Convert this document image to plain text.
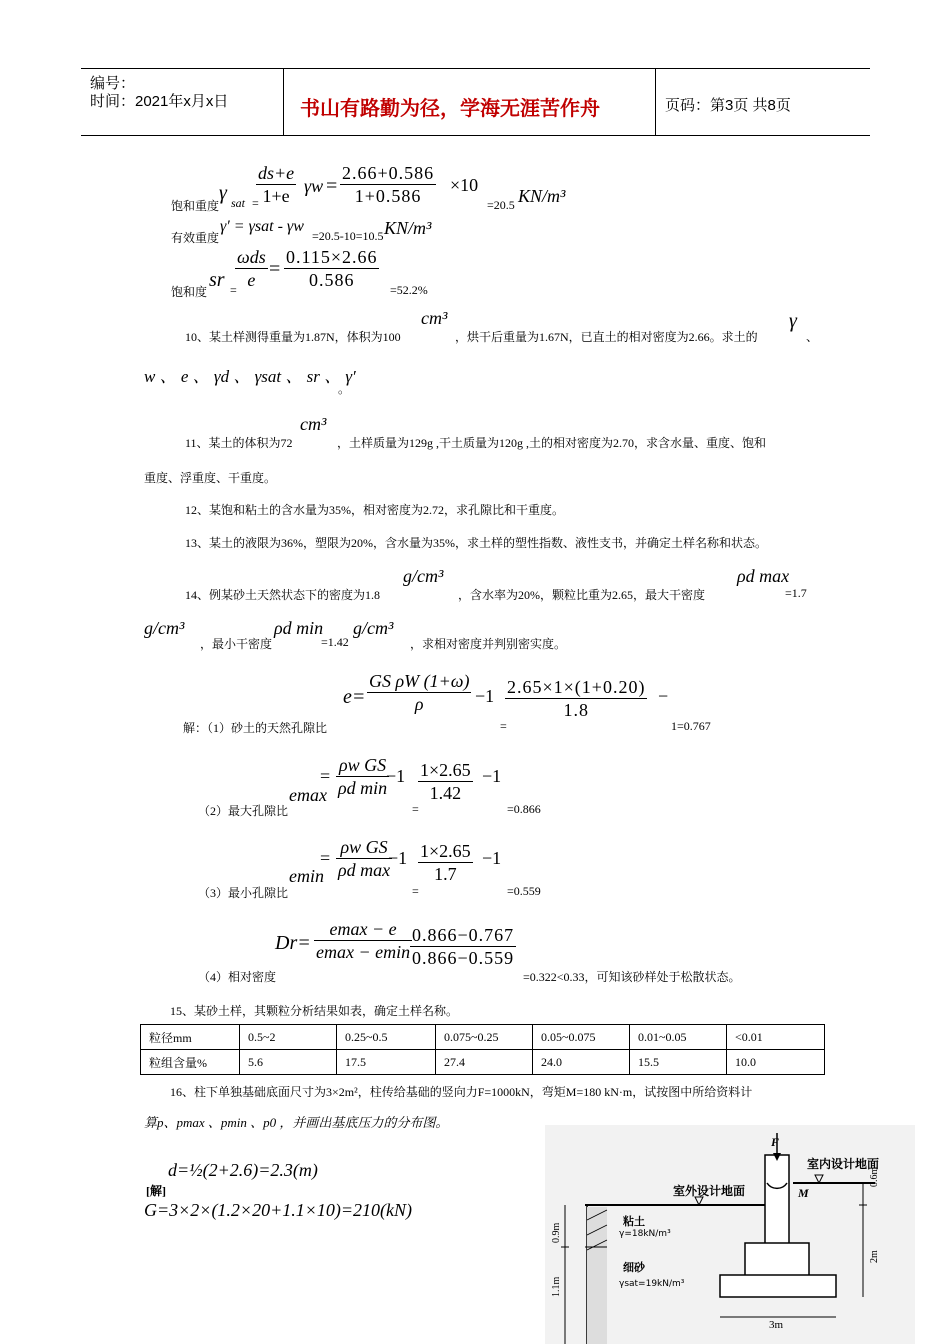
编号：
时间：2021年x月x日	书山有路勤为径，学海无涯苦作舟	页码：第3页 共8页
饱和重度
γ sat =
$\frac{ds+e}{1+e}$ $\gamma w = \frac{2.66+0.586}{1+0.586} \times 10$
=20.5 KN/m³
有效重度
γ′ = γsat - γw
=20.5-10=10.5 KN/m³
饱和度
sr =
ωds
$e = \frac{0.115\times 2.66}{0.586} =52.2\%$
10、某土样测得重量为1.87N，体积为100
cm³
，烘干后重量为1.67N，已直土的相对密度为2.66。求土的
γ
、
w 、 e 、 γd 、 γsat 、 sr 、 γ′
。
11、某土的体积为72
cm³
，土样质量为129g ,干土质量为120g ,土的相对密度为2.70，求含水量、重度、饱和
重度、浮重度、干重度。
12、某饱和粘土的含水量为35%，相对密度为2.72，求孔隙比和干重度。
13、某土的液限为36%，塑限为20%，含水量为35%，求土样的塑性指数、液性支书，并确定土样名称和状态。
14、例某砂土天然状态下的密度为1.8
g/cm³
，含水率为20%，颗粒比重为2.65，最大干密度
ρd max
=1.7
g/cm³
，最小干密度
ρd min
=1.42
g/cm³
，求相对密度并判别密实度。
解：（1）砂土的天然孔隙比
$e= \frac{\text{GS ρW (1+ω)}}{\rho} -1$
=
$\frac{2.65\times 1\times(1+0.20)}{1.8}$ −
1=0.767
（2）最大孔隙比
emax
=
ρw GS
ρd min
$-1 \frac{1\times 2.65}{1.42} -1$
=	=0.866
（3）最小孔隙比
emin
=
ρw GS
ρd max
$-1 \frac{1\times 2.65}{1.7} -1$
=	=0.559
（4）相对密度
Dr=
emax − e
emax − emin $\frac{0.866-0.767}{0.866-0.559}$
=0.322<0.33，可知该砂样处于松散状态。
15、某砂土样，其颗粒分析结果如表，确定土样名称。
粒径mm	0.5~2	0.25~0.5	0.075~0.25	0.05~0.075	0.01~0.05	<0.01
粒组含量%	5.6	17.5	27.4	24.0	15.5	10.0
16、柱下单独基础底面尺寸为3×2m²，柱传给基础的竖向力F=1000kN，弯矩M=180 kN·m，试按图中所给资料计
算p、pmax 、pmin 、p0 ，并画出基底压力的分布图。
d=½(2+2.6)=2.3(m)
[解]
G=3×2×(1.2×20+1.1×10)=210(kN)
F
M
室内设计地面
室外设计地面
粘土
γ=18kN/m³
细砂
γsat=19kN/m³
0.6m
0.9m
1.1m
2m
3m
